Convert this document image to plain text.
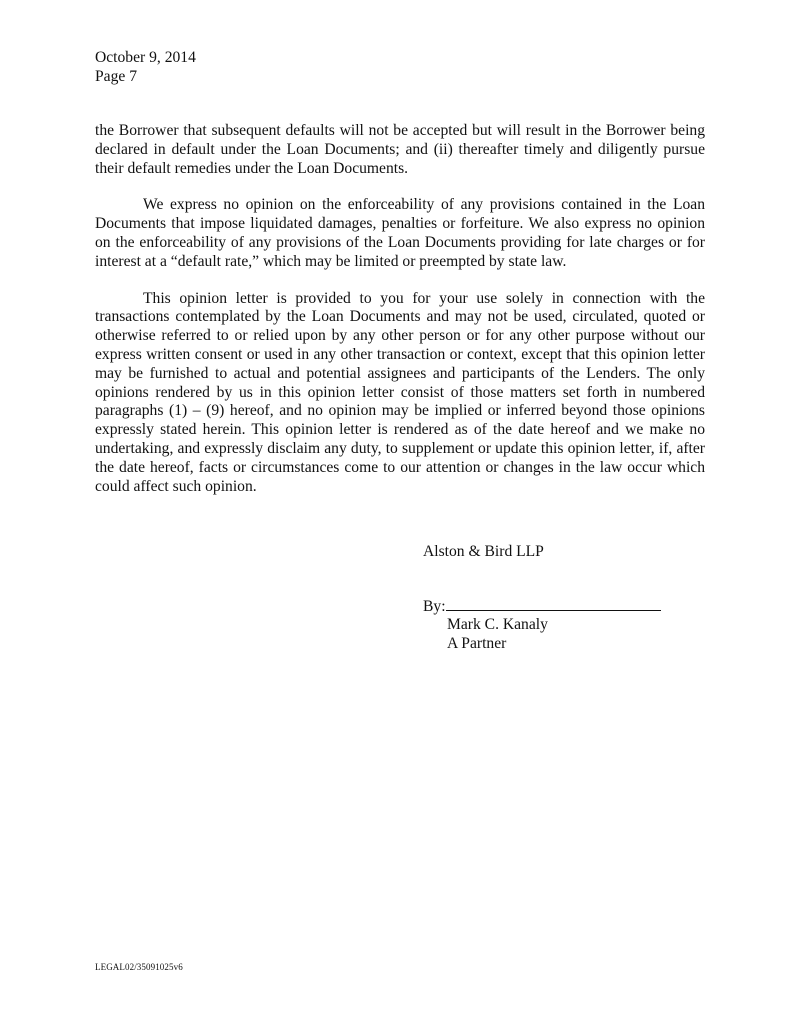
October 9, 2014
Page 7

the Borrower that subsequent defaults will not be accepted but will result in the Borrower being declared in default under the Loan Documents; and (ii) thereafter timely and diligently pursue their default remedies under the Loan Documents.

We express no opinion on the enforceability of any provisions contained in the Loan Documents that impose liquidated damages, penalties or forfeiture. We also express no opinion on the enforceability of any provisions of the Loan Documents providing for late charges or for interest at a “default rate,” which may be limited or preempted by state law.

This opinion letter is provided to you for your use solely in connection with the transactions contemplated by the Loan Documents and may not be used, circulated, quoted or otherwise referred to or relied upon by any other person or for any other purpose without our express written consent or used in any other transaction or context, except that this opinion letter may be furnished to actual and potential assignees and participants of the Lenders. The only opinions rendered by us in this opinion letter consist of those matters set forth in numbered paragraphs (1) – (9) hereof, and no opinion may be implied or inferred beyond those opinions expressly stated herein. This opinion letter is rendered as of the date hereof and we make no undertaking, and expressly disclaim any duty, to supplement or update this opinion letter, if, after the date hereof, facts or circumstances come to our attention or changes in the law occur which could affect such opinion.

Alston & Bird LLP
By:
Mark C. Kanaly
A Partner
LEGAL02/35091025v6
